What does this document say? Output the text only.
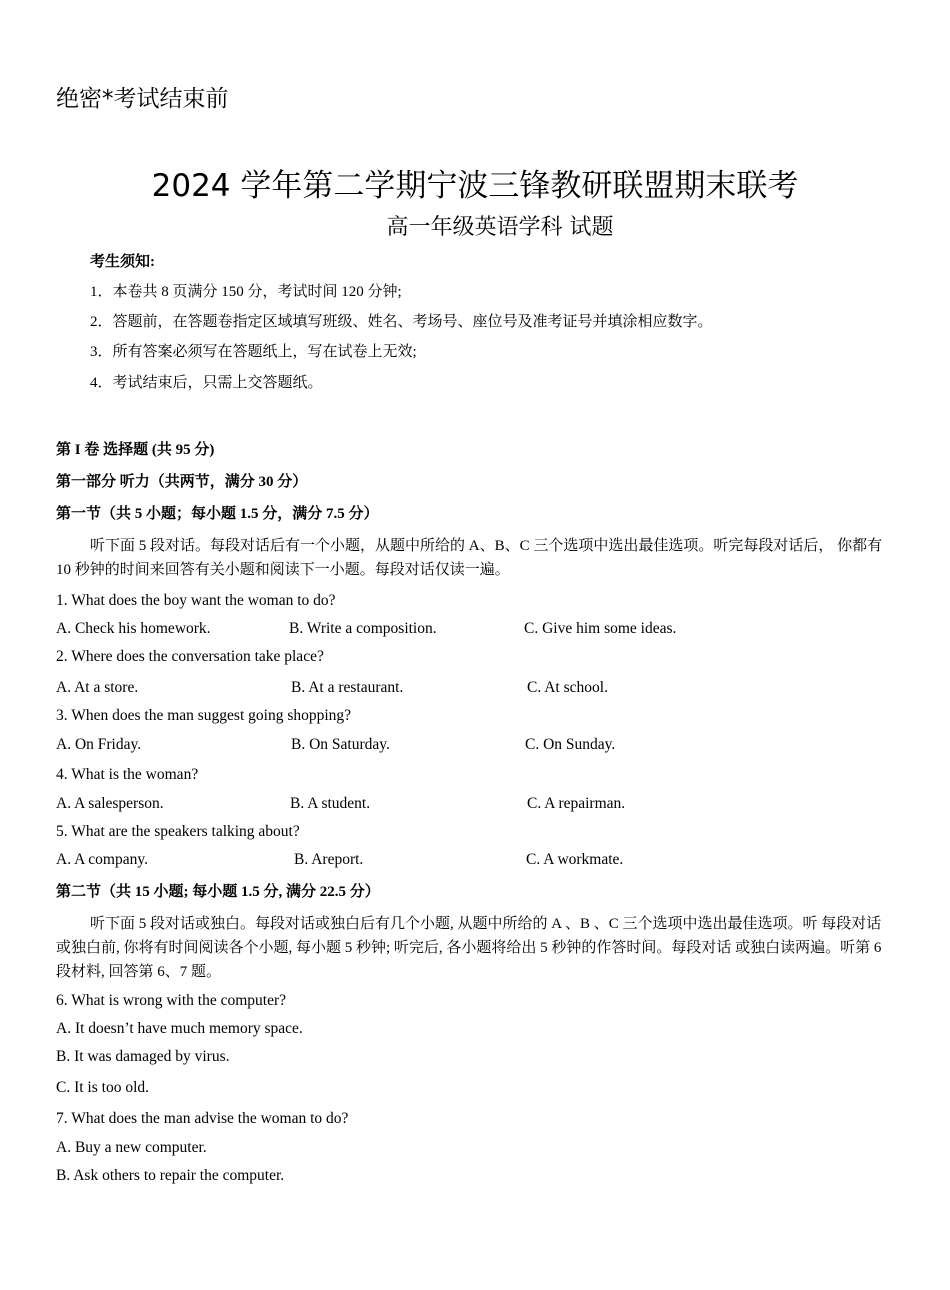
绝密*考试结束前
2024 学年第二学期宁波三锋教研联盟期末联考
高一年级英语学科 试题
考生须知:
1．本卷共 8 页满分 150 分，考试时间 120 分钟;
2．答题前，在答题卷指定区域填写班级、姓名、考场号、座位号及准考证号并填涂相应数字。
3．所有答案必须写在答题纸上，写在试卷上无效;
4．考试结束后，只需上交答题纸。
第 I 卷 选择题 (共 95 分)
第一部分 听力（共两节，满分 30 分）
第一节（共 5 小题；每小题 1.5 分，满分 7.5 分）
听下面 5 段对话。每段对话后有一个小题，从题中所给的 A、B、C 三个选项中选出最佳选项。听完每段对话后， 你都有 10 秒钟的时间来回答有关小题和阅读下一小题。每段对话仅读一遍。
1. What does the boy want the woman to do?
A. Check his homework.	B. Write a composition.	C. Give him some ideas.
2. Where does the conversation take place?
A. At a store.	B. At a restaurant.	C. At school.
3. When does the man suggest going shopping?
A. On Friday.	B. On Saturday.	C. On Sunday.
4. What is the woman?
A. A salesperson.	B. A student.	C. A repairman.
5. What are the speakers talking about?
A. A company.	B. Areport.	C. A workmate.
第二节（共 15 小题; 每小题 1.5 分, 满分 22.5 分）
听下面 5 段对话或独白。每段对话或独白后有几个小题, 从题中所给的 A 、B 、C 三个选项中选出最佳选项。听 每段对话或独白前, 你将有时间阅读各个小题, 每小题 5 秒钟; 听完后, 各小题将给出 5 秒钟的作答时间。每段对话 或独白读两遍。听第 6 段材料, 回答第 6、7 题。
6. What is wrong with the computer?
A. It doesn’t have much memory space.
B. It was damaged by virus.
C. It is too old.
7. What does the man advise the woman to do?
A. Buy a new computer.
B. Ask others to repair the computer.
